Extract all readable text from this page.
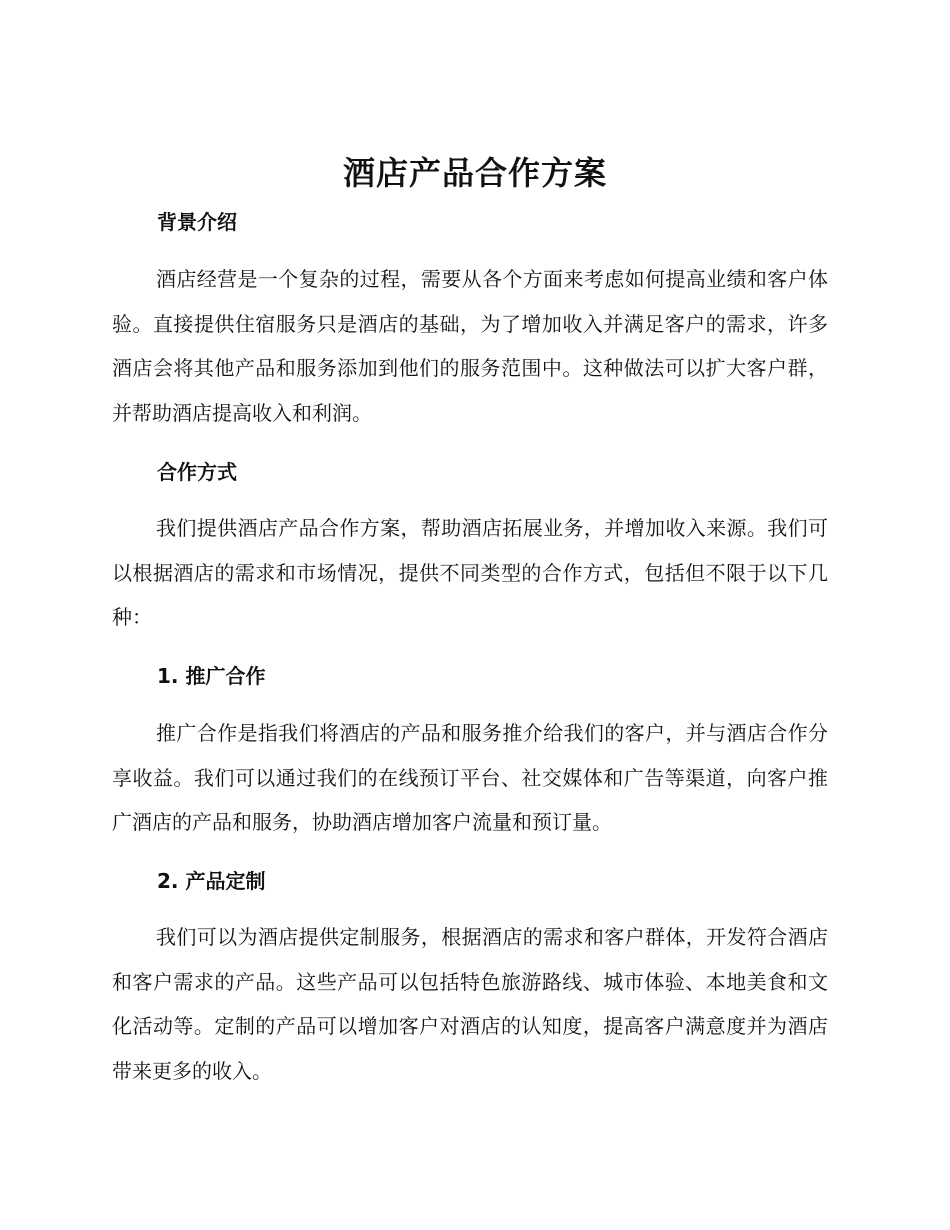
酒店产品合作方案
背景介绍

酒店经营是一个复杂的过程，需要从各个方面来考虑如何提高业绩和客户体验。直接提供住宿服务只是酒店的基础，为了增加收入并满足客户的需求，许多酒店会将其他产品和服务添加到他们的服务范围中。这种做法可以扩大客户群，并帮助酒店提高收入和利润。

合作方式

我们提供酒店产品合作方案，帮助酒店拓展业务，并增加收入来源。我们可以根据酒店的需求和市场情况，提供不同类型的合作方式，包括但不限于以下几种：

1. 推广合作

推广合作是指我们将酒店的产品和服务推介给我们的客户，并与酒店合作分享收益。我们可以通过我们的在线预订平台、社交媒体和广告等渠道，向客户推广酒店的产品和服务，协助酒店增加客户流量和预订量。

2. 产品定制

我们可以为酒店提供定制服务，根据酒店的需求和客户群体，开发符合酒店和客户需求的产品。这些产品可以包括特色旅游路线、城市体验、本地美食和文化活动等。定制的产品可以增加客户对酒店的认知度，提高客户满意度并为酒店带来更多的收入。
